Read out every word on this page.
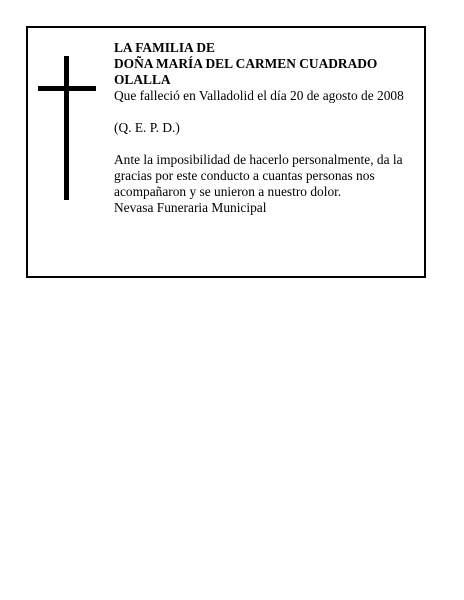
LA FAMILIA DE
DOÑA MARÍA DEL CARMEN CUADRADO
OLALLA
Que falleció en Valladolid el día 20 de agosto de 2008
(Q. E. P. D.)
Ante la imposibilidad de hacerlo personalmente, da la
gracias por este conducto a cuantas personas nos
acompañaron y se unieron a nuestro dolor.
Nevasa Funeraria Municipal
